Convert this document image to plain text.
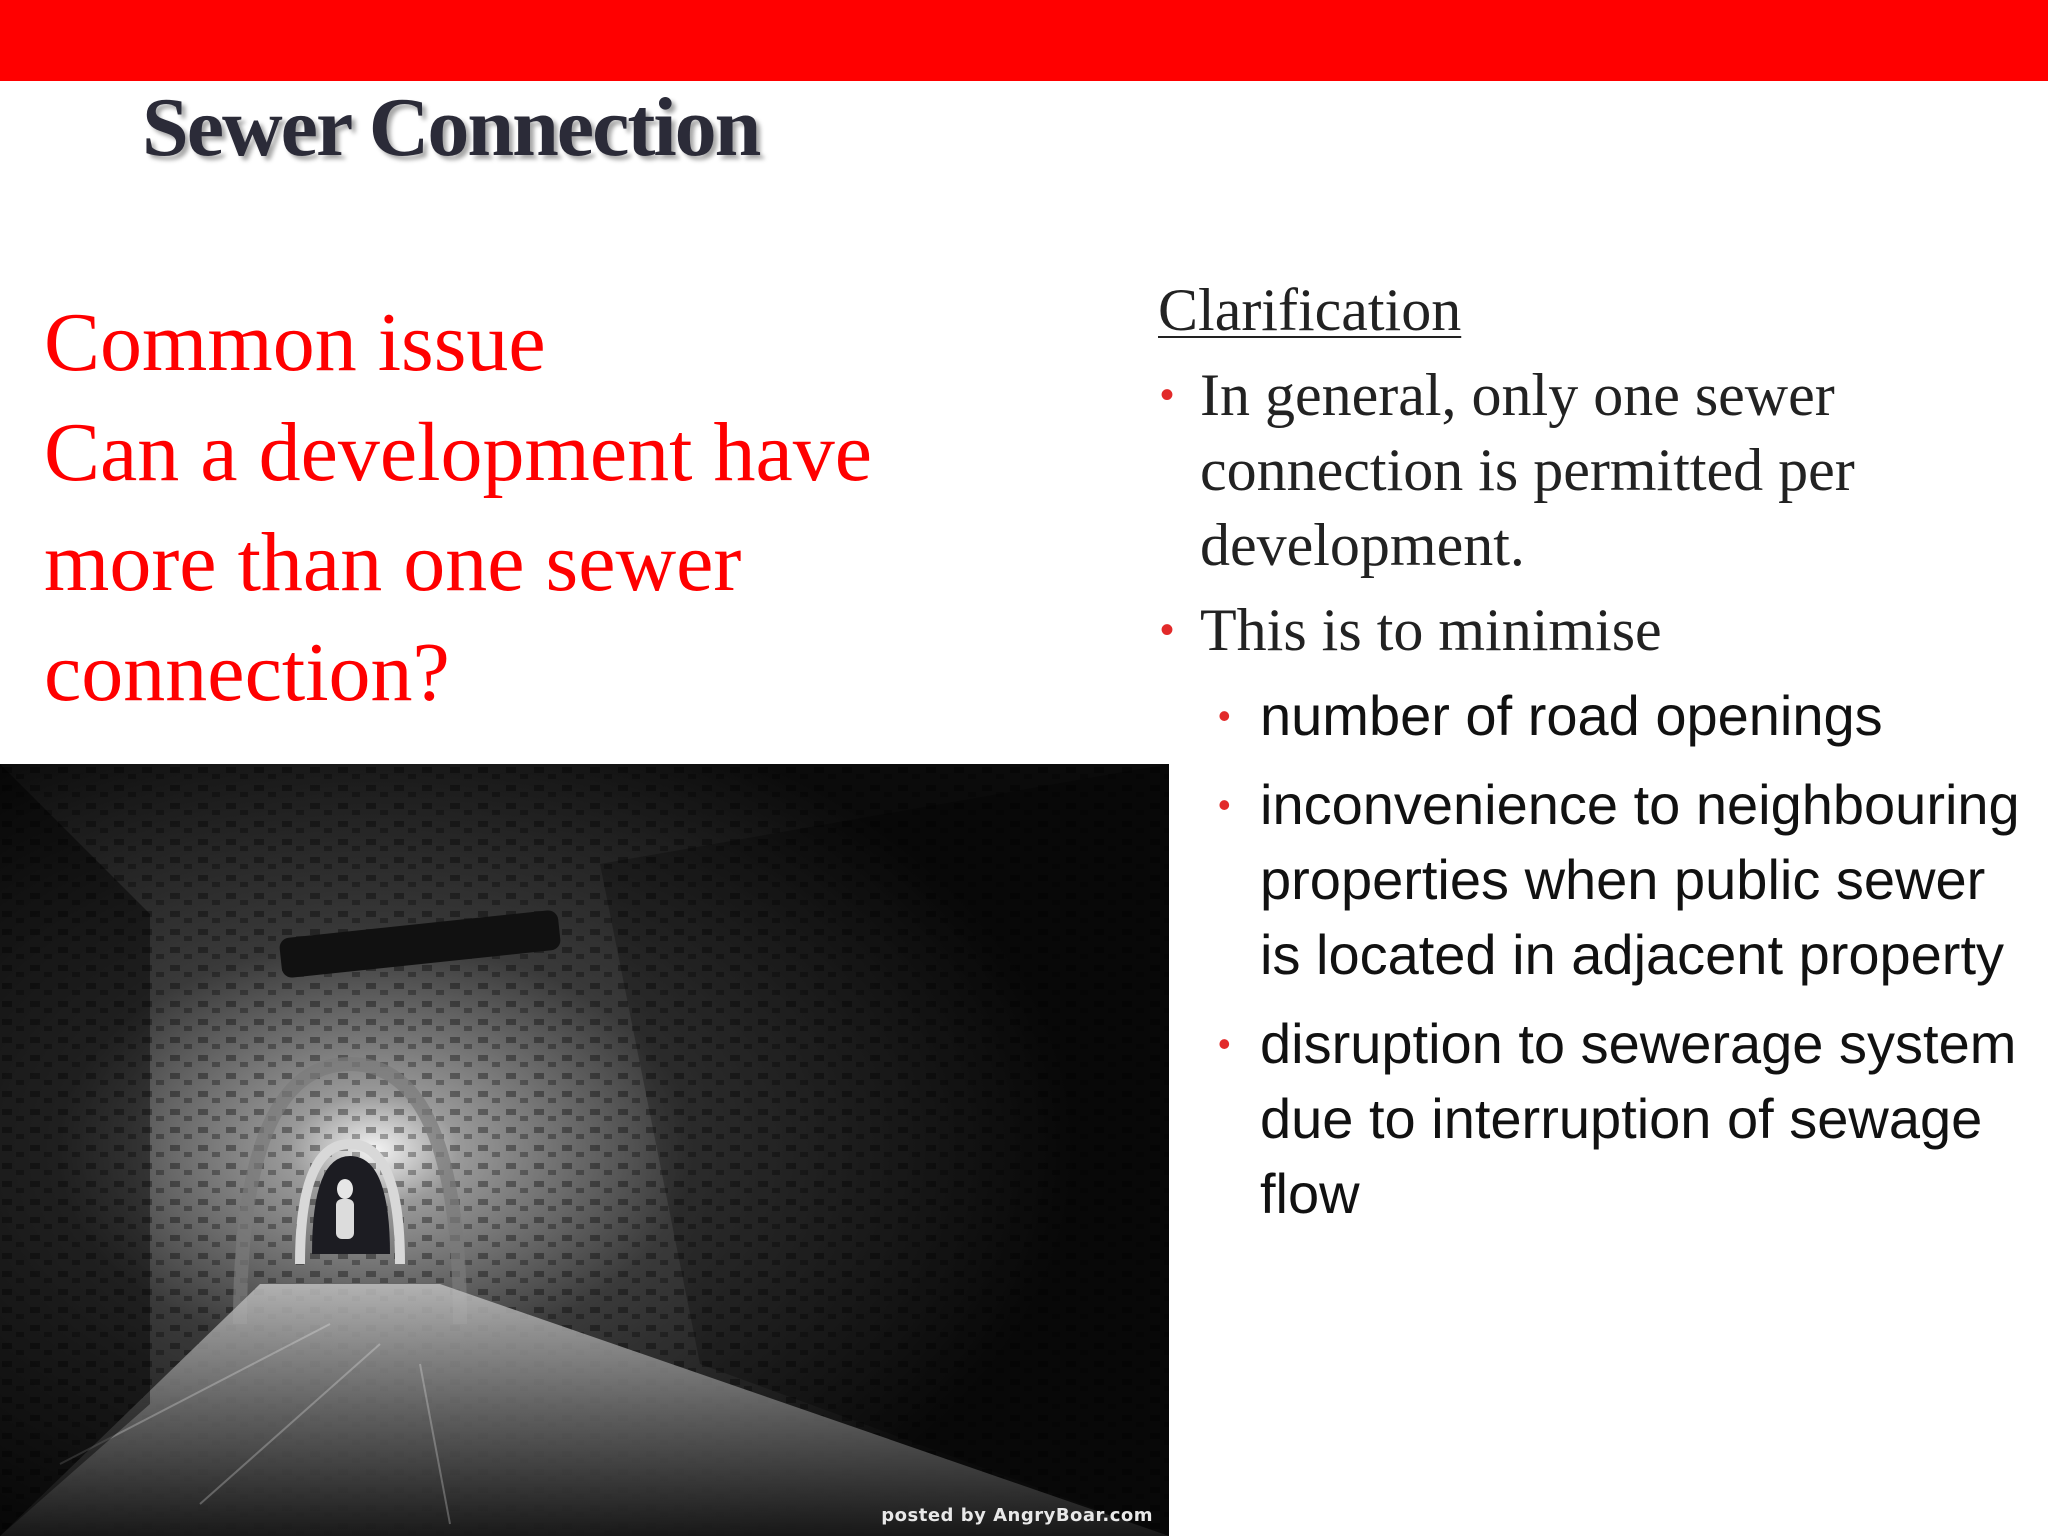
Sewer Connection
Common issue
Can a development have
more than one sewer
connection?
posted by AngryBoar.com
Clarification
• In general, only one sewer connection is permitted per development.
• This is to minimise
• number of road openings
• inconvenience to neighbouring properties when public sewer is located in adjacent property
• disruption to sewerage system due to interruption of sewage flow
